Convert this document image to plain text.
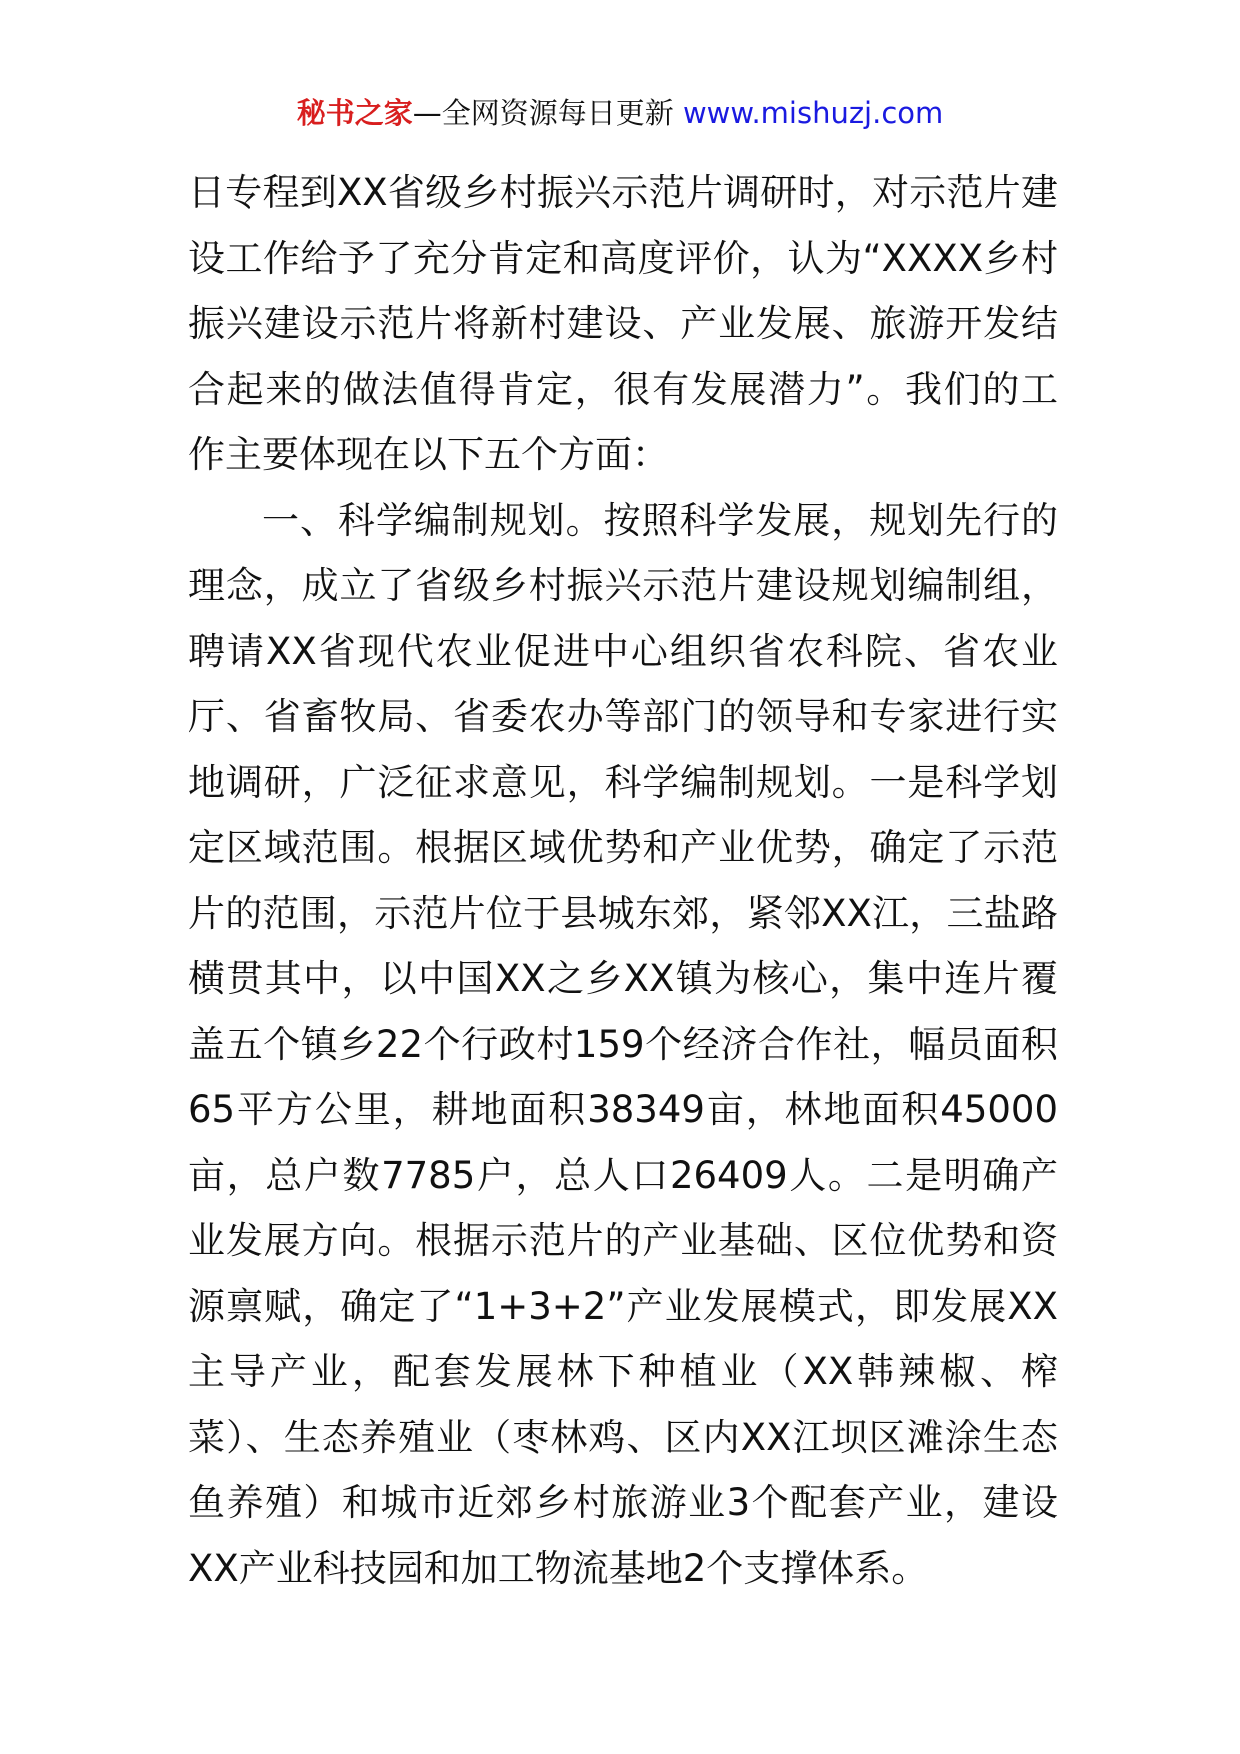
秘书之家—全网资源每日更新 www.mishuzj.com

日专程到XX省级乡村振兴示范片调研时，对示范片建设工作给予了充分肯定和高度评价，认为“XXXX乡村振兴建设示范片将新村建设、产业发展、旅游开发结合起来的做法值得肯定，很有发展潜力”。我们的工作主要体现在以下五个方面：

一、科学编制规划。按照科学发展，规划先行的理念，成立了省级乡村振兴示范片建设规划编制组，聘请XX省现代农业促进中心组织省农科院、省农业厅、省畜牧局、省委农办等部门的领导和专家进行实地调研，广泛征求意见，科学编制规划。一是科学划定区域范围。根据区域优势和产业优势，确定了示范片的范围，示范片位于县城东郊，紧邻XX江，三盐路横贯其中，以中国XX之乡XX镇为核心，集中连片覆盖五个镇乡22个行政村159个经济合作社，幅员面积65平方公里，耕地面积38349亩，林地面积45000亩，总户数7785户，总人口26409人。二是明确产业发展方向。根据示范片的产业基础、区位优势和资源禀赋，确定了“1+3+2”产业发展模式，即发展XX主导产业，配套发展林下种植业（XX韩辣椒、榨菜）、生态养殖业（枣林鸡、区内XX江坝区滩涂生态鱼养殖）和城市近郊乡村旅游业3个配套产业，建设XX产业科技园和加工物流基地2个支撑体系。
